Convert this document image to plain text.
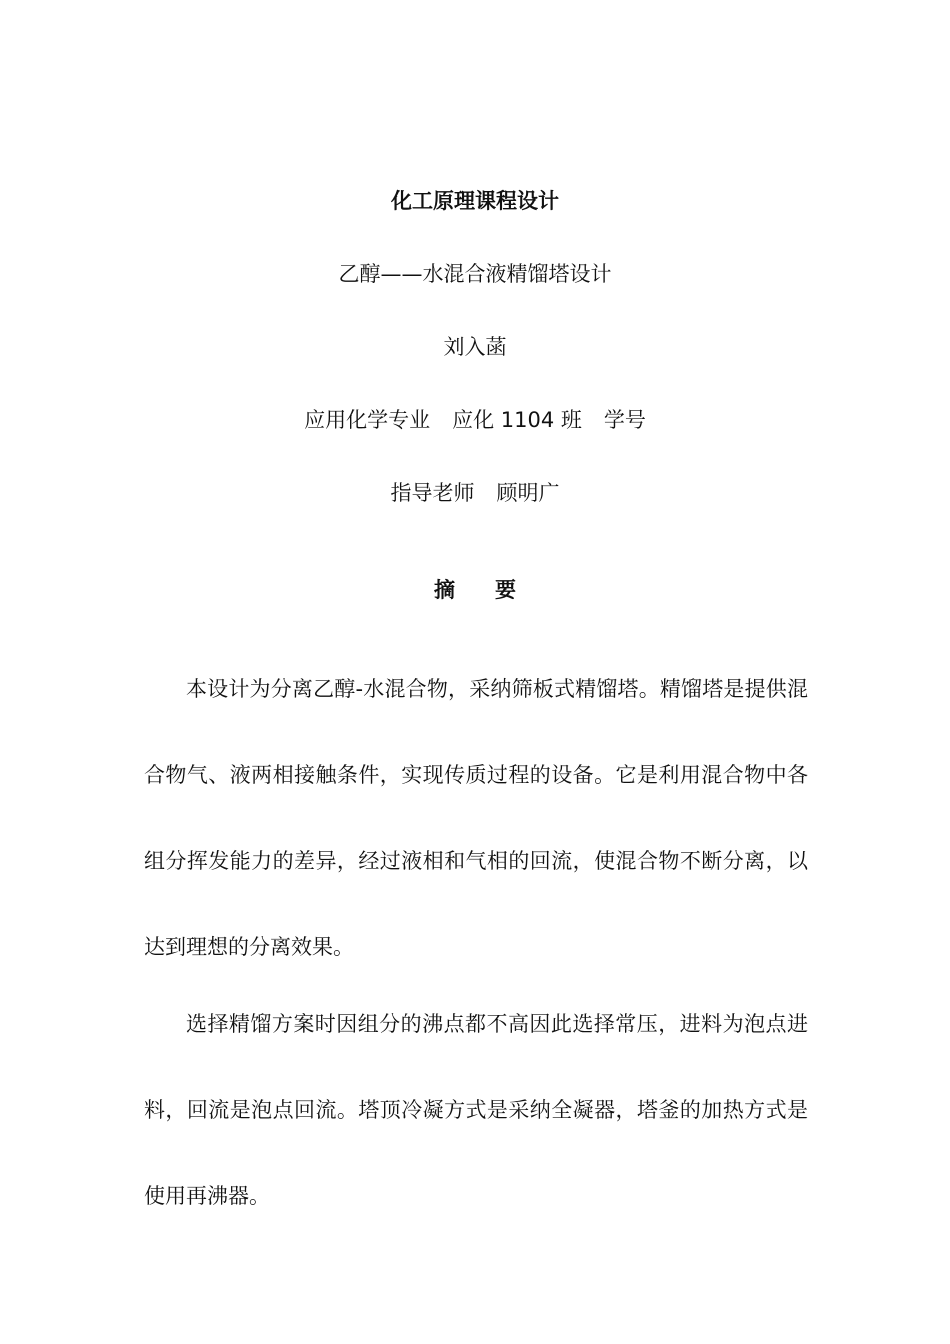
化工原理课程设计
乙醇——水混合液精馏塔设计
刘入菡
应用化学专业 应化 1104 班 学号
指导老师 顾明广
摘 要

本设计为分离乙醇-水混合物，采纳筛板式精馏塔。精馏塔是提供混合物气、液两相接触条件，实现传质过程的设备。它是利用混合物中各组分挥发能力的差异，经过液相和气相的回流，使混合物不断分离，以达到理想的分离效果。

选择精馏方案时因组分的沸点都不高因此选择常压，进料为泡点进料，回流是泡点回流。塔顶冷凝方式是采纳全凝器，塔釜的加热方式是使用再沸器。
